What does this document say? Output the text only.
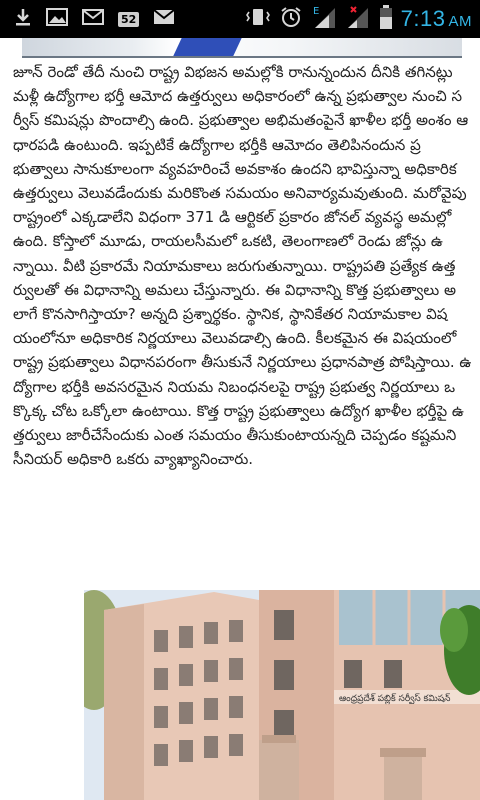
52
E	7:13 AM
జూన్ రెండో తేదీ నుంచి రాష్ట్ర విభజన అమల్లోకి రానున్నందున దీనికి తగినట్లు మళ్లీ ఉద్యోగాల భర్తీ ఆమోద ఉత్తర్వులు అధికారంలో ఉన్న ప్రభుత్వాల నుంచి సర్వీస్ కమిషన్లు పొందాల్సి ఉంది. ప్రభుత్వాల అభిమతంపైనే ఖాళీల భర్తీ అంశం ఆధారపడి ఉంటుంది. ఇప్పటికే ఉద్యోగాల భర్తీకి ఆమోదం తెలిపినందున ప్రభుత్వాలు సానుకూలంగా వ్యవహరించే అవకాశం ఉందని భావిస్తున్నా అధికారిక ఉత్తర్వులు వెలువడేందుకు మరికొంత సమయం అనివార్యమవుతుంది. మరోవైపు రాష్ట్రంలో ఎక్కడాలేని విధంగా 371 డి ఆర్టికల్ ప్రకారం జోనల్ వ్యవస్థ అమల్లో ఉంది. కోస్తాలో మూడు, రాయలసీమలో ఒకటి, తెలంగాణలో రెండు జోన్లు ఉన్నాయి. వీటి ప్రకారమే నియామకాలు జరుగుతున్నాయి. రాష్ట్రపతి ప్రత్యేక ఉత్తర్వులతో ఈ విధానాన్ని అమలు చేస్తున్నారు. ఈ విధానాన్ని కొత్త ప్రభుత్వాలు అలాగే కొనసాగిస్తాయా? అన్నది ప్రశ్నార్థకం. స్థానిక, స్థానికేతర నియామకాల విషయంలోనూ అధికారిక నిర్ణయాలు వెలువడాల్సి ఉంది. కీలకమైన ఈ విషయంలో రాష్ట్ర ప్రభుత్వాలు విధానపరంగా తీసుకునే నిర్ణయాలు ప్రధానపాత్ర పోషిస్తాయి. ఉద్యోగాల భర్తీకి అవసరమైన నియమ నిబంధనలపై రాష్ట్ర ప్రభుత్వ నిర్ణయాలు ఒక్కొక్క చోట ఒక్కోలా ఉంటాయి. కొత్త రాష్ట్ర ప్రభుత్వాలు ఉద్యోగ ఖాళీల భర్తీపై ఉత్తర్వులు జారీచేసేందుకు ఎంత సమయం తీసుకుంటాయన్నది చెప్పడం కష్టమని సీనియర్ అధికారి ఒకరు వ్యాఖ్యానించారు.
ఆంధ్రప్రదేశ్ పబ్లిక్ సర్వీస్ కమిషన్
